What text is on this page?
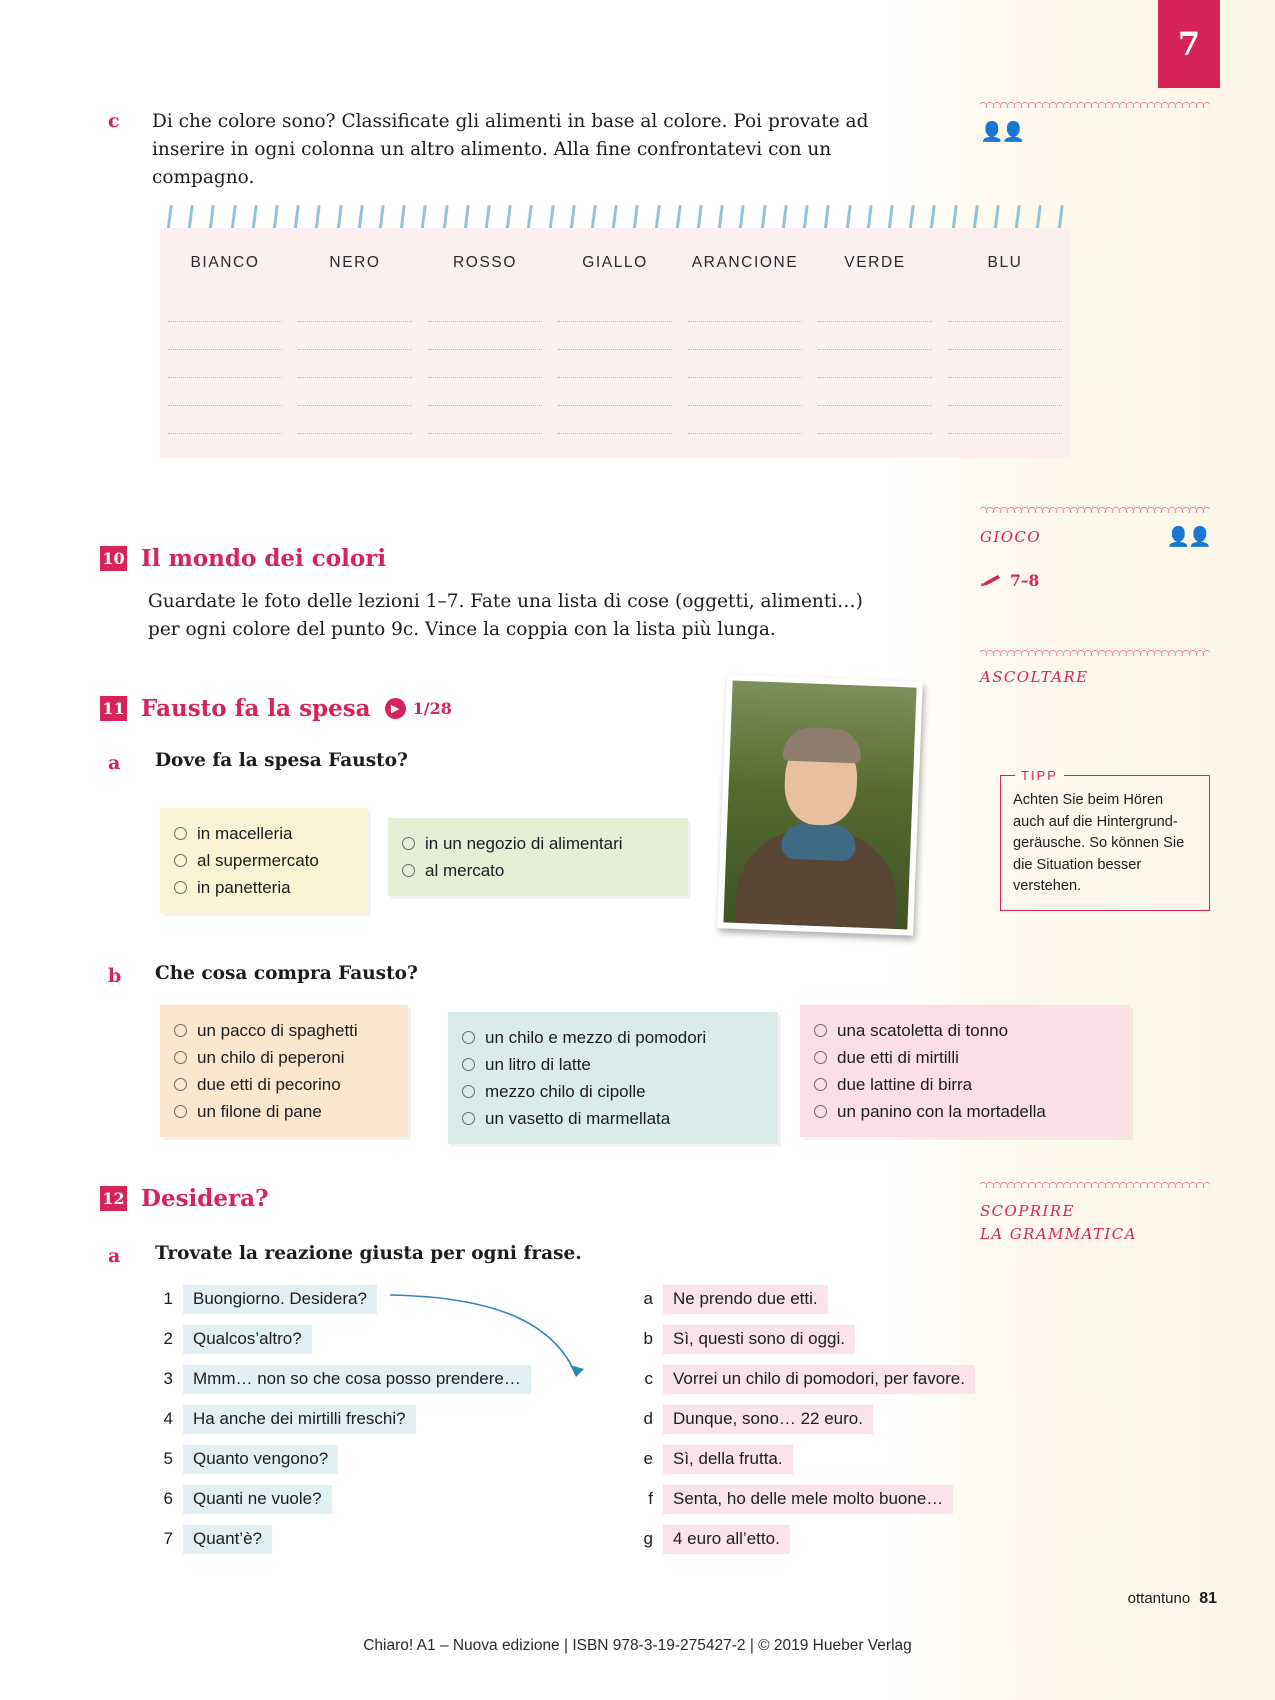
7
c Di che colore sono? Classificate gli alimenti in base al colore. Poi provate ad inserire in ogni colonna un altro alimento. Alla fine confrontatevi con un compagno.
BIANCO	NERO	ROSSO	GIALLO	ARANCIONE	VERDE	BLU
👤👤
10 Il mondo dei colori
Guardate le foto delle lezioni 1–7. Fate una lista di cose (oggetti, alimenti…) per ogni colore del punto 9c. Vince la coppia con la lista più lunga.
GIOCO	👤👤
7–8
11 Fausto fa la spesa	▶ 1/28
a Dove fa la spesa Fausto?
in macelleria
al supermercato
in panetteria
in un negozio di alimentari
al mercato
ASCOLTARE
TIPP
Achten Sie beim Hören auch auf die Hintergrundgeräusche. So können Sie die Situation besser verstehen.
b Che cosa compra Fausto?
un pacco di spaghetti
un chilo di peperoni
due etti di pecorino
un filone di pane
un chilo e mezzo di pomodori
un litro di latte
mezzo chilo di cipolle
un vasetto di marmellata
una scatoletta di tonno
due etti di mirtilli
due lattine di birra
un panino con la mortadella
12 Desidera?
a Trovate la reazione giusta per ogni frase.
1	Buongiorno. Desidera?
2	Qualcos’altro?
3	Mmm… non so che cosa posso prendere…
4	Ha anche dei mirtilli freschi?
5	Quanto vengono?
6	Quanti ne vuole?
7	Quant’è?
a	Ne prendo due etti.
b	Sì, questi sono di oggi.
c	Vorrei un chilo di pomodori, per favore.
d	Dunque, sono… 22 euro.
e	Sì, della frutta.
f	Senta, ho delle mele molto buone…
g	4 euro all’etto.
SCOPRIRE
LA GRAMMATICA
ottantuno 81
Chiaro! A1 – Nuova edizione | ISBN 978-3-19-275427-2 | © 2019 Hueber Verlag
